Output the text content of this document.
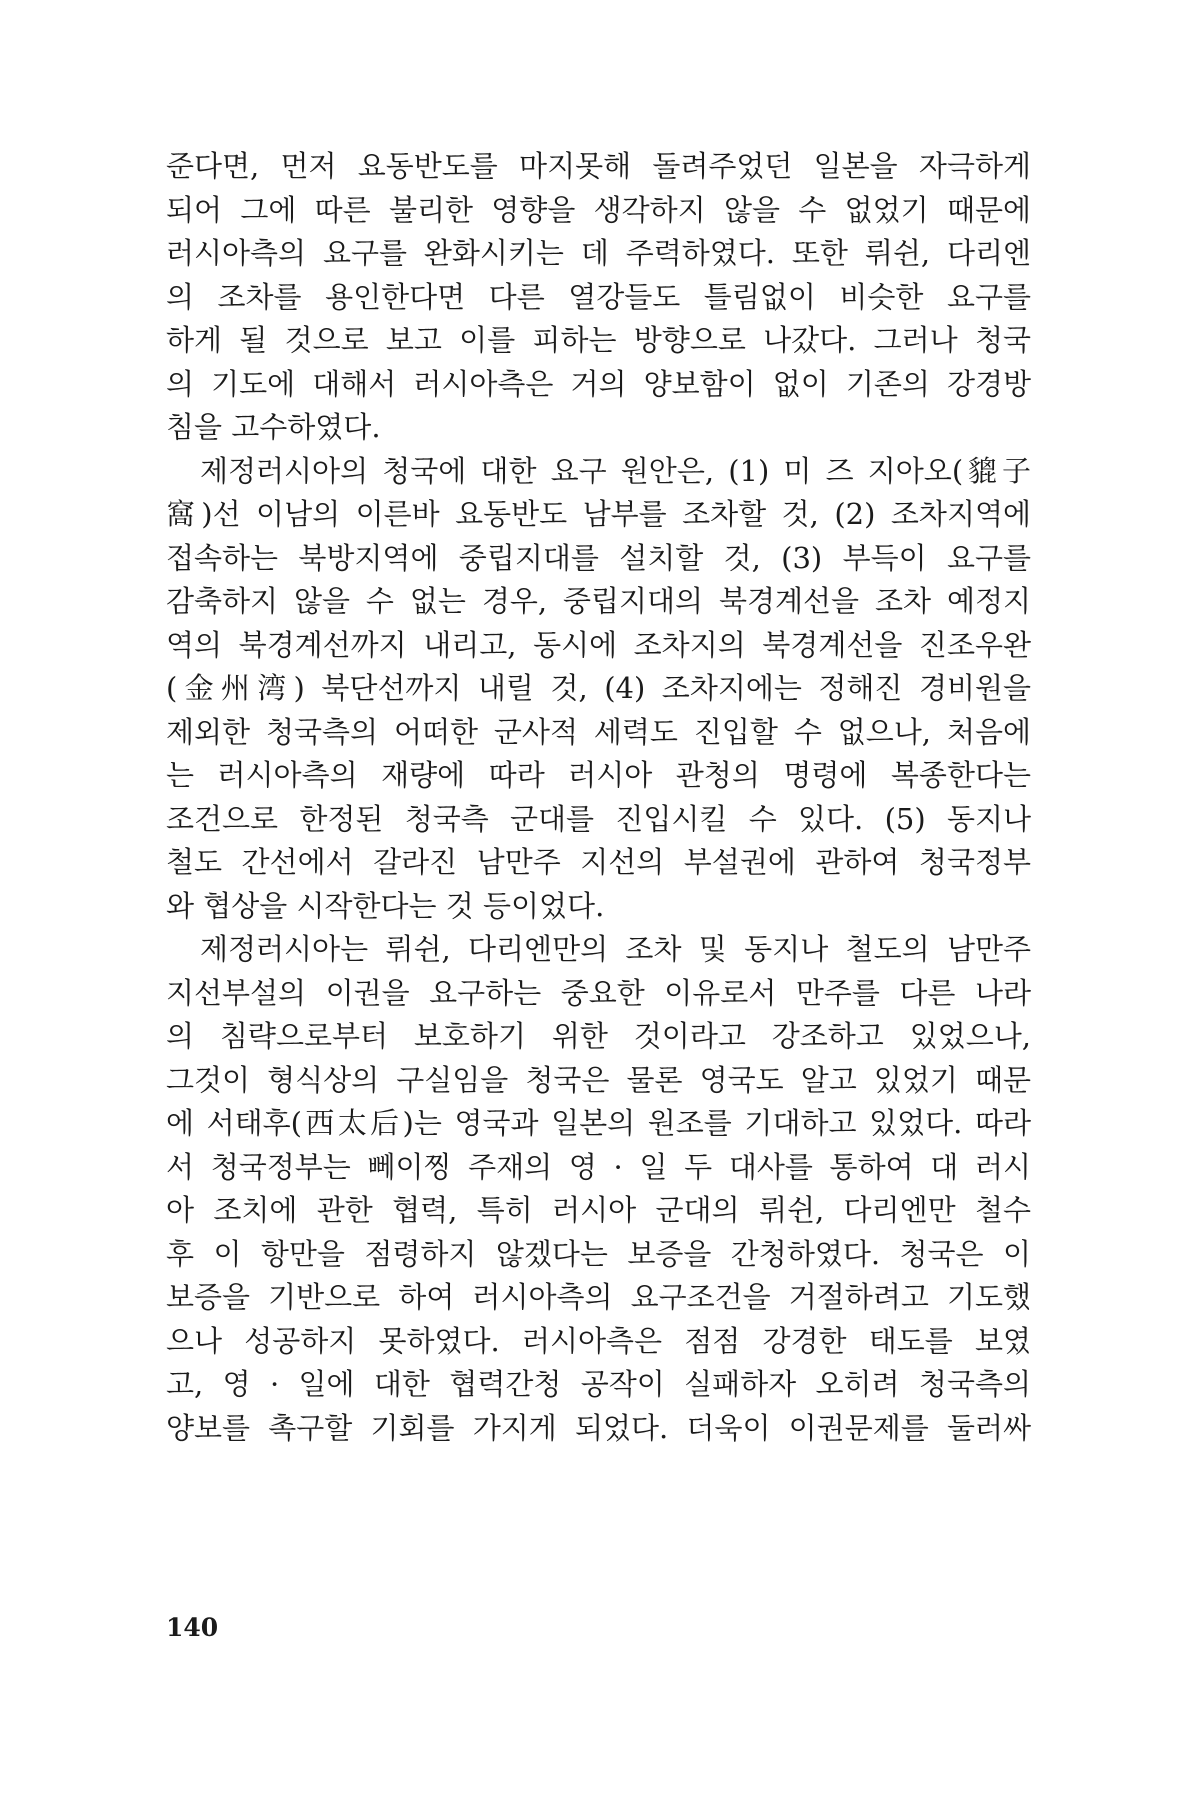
준다면, 먼저 요동반도를 마지못해 돌려주었던 일본을 자극하게
되어 그에 따른 불리한 영향을 생각하지 않을 수 없었기 때문에
러시아측의 요구를 완화시키는 데 주력하였다. 또한 뤼쉰, 다리엔
의 조차를 용인한다면 다른 열강들도 틀림없이 비슷한 요구를
하게 될 것으로 보고 이를 피하는 방향으로 나갔다. 그러나 청국
의 기도에 대해서 러시아측은 거의 양보함이 없이 기존의 강경방
침을 고수하였다.
제정러시아의 청국에 대한 요구 원안은, (1) 미 즈 지아오(貔子
窩)선 이남의 이른바 요동반도 남부를 조차할 것, (2) 조차지역에
접속하는 북방지역에 중립지대를 설치할 것, (3) 부득이 요구를
감축하지 않을 수 없는 경우, 중립지대의 북경계선을 조차 예정지
역의 북경계선까지 내리고, 동시에 조차지의 북경계선을 진조우완
(金州湾) 북단선까지 내릴 것, (4) 조차지에는 정해진 경비원을
제외한 청국측의 어떠한 군사적 세력도 진입할 수 없으나, 처음에
는 러시아측의 재량에 따라 러시아 관청의 명령에 복종한다는
조건으로 한정된 청국측 군대를 진입시킬 수 있다. (5) 동지나
철도 간선에서 갈라진 남만주 지선의 부설권에 관하여 청국정부
와 협상을 시작한다는 것 등이었다.
제정러시아는 뤼쉰, 다리엔만의 조차 및 동지나 철도의 남만주
지선부설의 이권을 요구하는 중요한 이유로서 만주를 다른 나라
의 침략으로부터 보호하기 위한 것이라고 강조하고 있었으나,
그것이 형식상의 구실임을 청국은 물론 영국도 알고 있었기 때문
에 서태후(西太后)는 영국과 일본의 원조를 기대하고 있었다. 따라
서 청국정부는 뻬이찡 주재의 영 · 일 두 대사를 통하여 대 러시
아 조치에 관한 협력, 특히 러시아 군대의 뤼쉰, 다리엔만 철수
후 이 항만을 점령하지 않겠다는 보증을 간청하였다. 청국은 이
보증을 기반으로 하여 러시아측의 요구조건을 거절하려고 기도했
으나 성공하지 못하였다. 러시아측은 점점 강경한 태도를 보였
고, 영 · 일에 대한 협력간청 공작이 실패하자 오히려 청국측의
양보를 촉구할 기회를 가지게 되었다. 더욱이 이권문제를 둘러싸
140
